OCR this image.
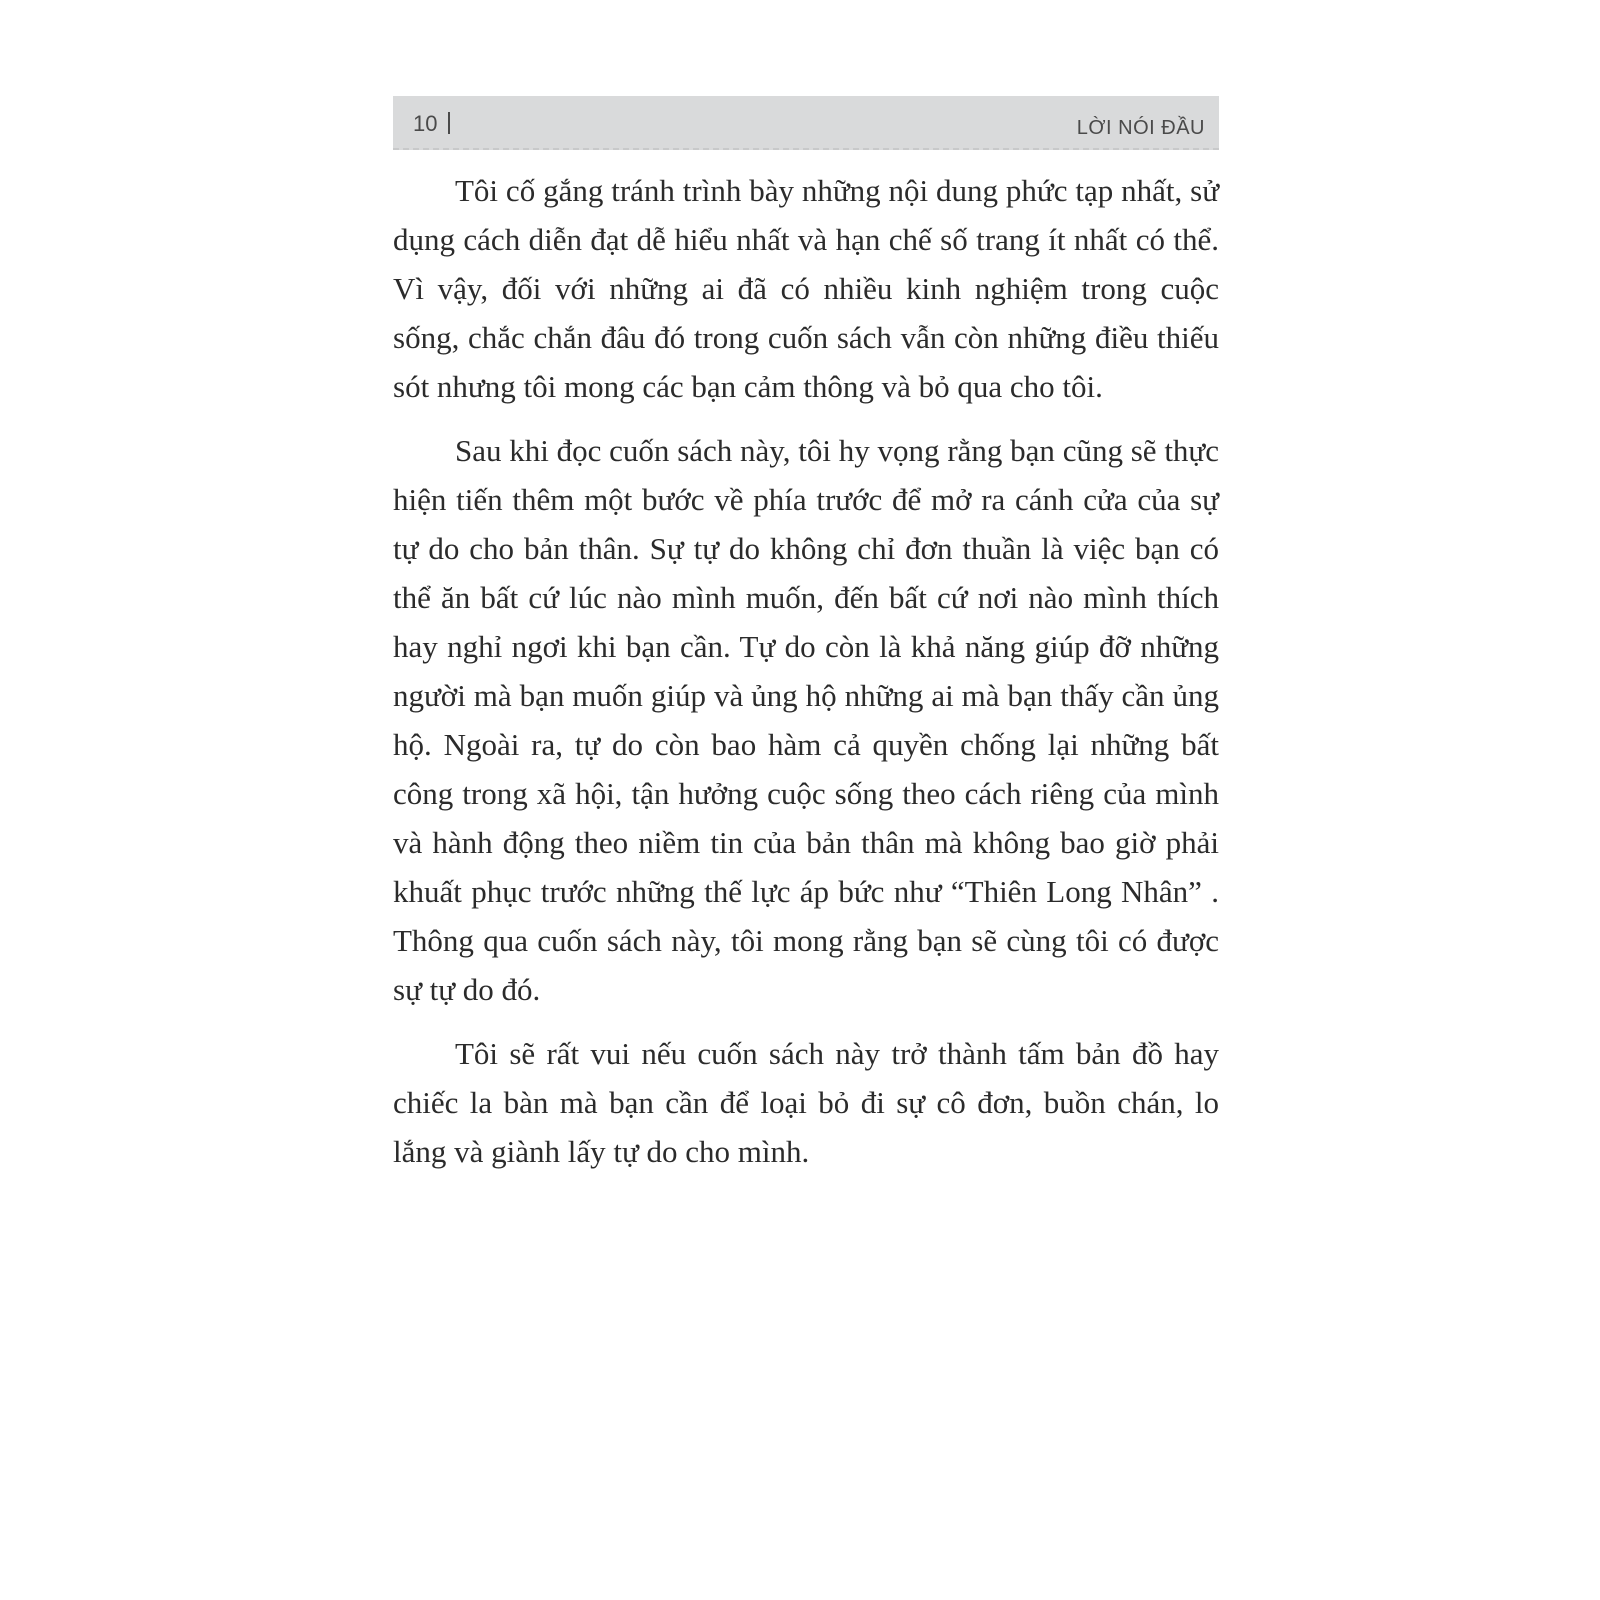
10	LỜI NÓI ĐẦU

Tôi cố gắng tránh trình bày những nội dung phức tạp nhất, sử dụng cách diễn đạt dễ hiểu nhất và hạn chế số trang ít nhất có thể. Vì vậy, đối với những ai đã có nhiều kinh nghiệm trong cuộc sống, chắc chắn đâu đó trong cuốn sách vẫn còn những điều thiếu sót nhưng tôi mong các bạn cảm thông và bỏ qua cho tôi.

Sau khi đọc cuốn sách này, tôi hy vọng rằng bạn cũng sẽ thực hiện tiến thêm một bước về phía trước để mở ra cánh cửa của sự tự do cho bản thân. Sự tự do không chỉ đơn thuần là việc bạn có thể ăn bất cứ lúc nào mình muốn, đến bất cứ nơi nào mình thích hay nghỉ ngơi khi bạn cần. Tự do còn là khả năng giúp đỡ những người mà bạn muốn giúp và ủng hộ những ai mà bạn thấy cần ủng hộ. Ngoài ra, tự do còn bao hàm cả quyền chống lại những bất công trong xã hội, tận hưởng cuộc sống theo cách riêng của mình và hành động theo niềm tin của bản thân mà không bao giờ phải khuất phục trước những thế lực áp bức như “Thiên Long Nhân” . Thông qua cuốn sách này, tôi mong rằng bạn sẽ cùng tôi có được sự tự do đó.

Tôi sẽ rất vui nếu cuốn sách này trở thành tấm bản đồ hay chiếc la bàn mà bạn cần để loại bỏ đi sự cô đơn, buồn chán, lo lắng và giành lấy tự do cho mình.
